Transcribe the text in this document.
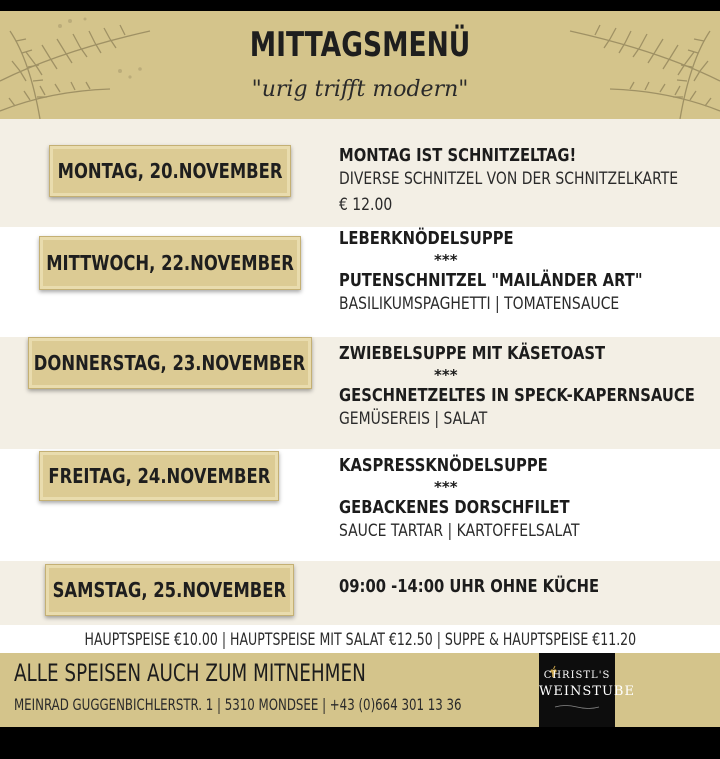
MITTAGSMENÜ
"urig trifft modern"
MONTAG, 20.NOVEMBER
MONTAG IST SCHNITZELTAG!
DIVERSE SCHNITZEL VON DER SCHNITZELKARTE
€ 12.00
MITTWOCH, 22.NOVEMBER
LEBERKNÖDELSUPPE
***
PUTENSCHNITZEL "MAILÄNDER ART"
BASILIKUMSPAGHETTI | TOMATENSAUCE
DONNERSTAG, 23.NOVEMBER ZWIEBELSUPPE MIT KÄSETOAST
***
GESCHNETZELTES IN SPECK-KAPERNSAUCE
GEMÜSEREIS | SALAT
FREITAG, 24.NOVEMBER	KASPRESSKNÖDELSUPPE
***
GEBACKENES DORSCHFILET
SAUCE TARTAR | KARTOFFELSALAT
SAMSTAG, 25.NOVEMBER	09:00 -14:00 UHR OHNE KÜCHE
HAUPTSPEISE €10.00 | HAUPTSPEISE MIT SALAT €12.50 | SUPPE & HAUPTSPEISE €11.20
ALLE SPEISEN AUCH ZUM MITNEHMEN
MEINRAD GUGGENBICHLERSTR. 1 | 5310 MONDSEE | +43 (0)664 301 13 36
CHRISTL'S
WEINSTUBE
